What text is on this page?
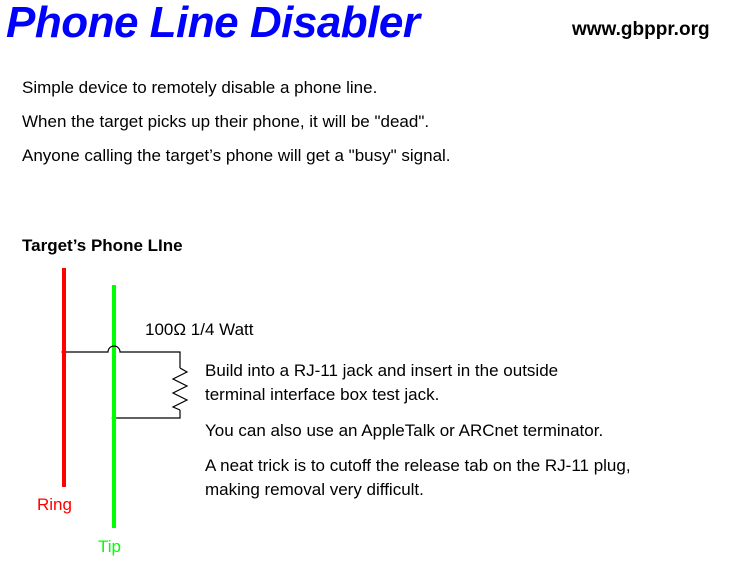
Phone Line Disabler	www.gbppr.org
Simple device to remotely disable a phone line.
When the target picks up their phone, it will be "dead".
Anyone calling the target’s phone will get a "busy" signal.
Target’s Phone LIne
100Ω 1/4 Watt
Ring
Tip
Build into a RJ-11 jack and insert in the outside
terminal interface box test jack.
You can also use an AppleTalk or ARCnet terminator.
A neat trick is to cutoff the release tab on the RJ-11 plug,
making removal very difficult.
